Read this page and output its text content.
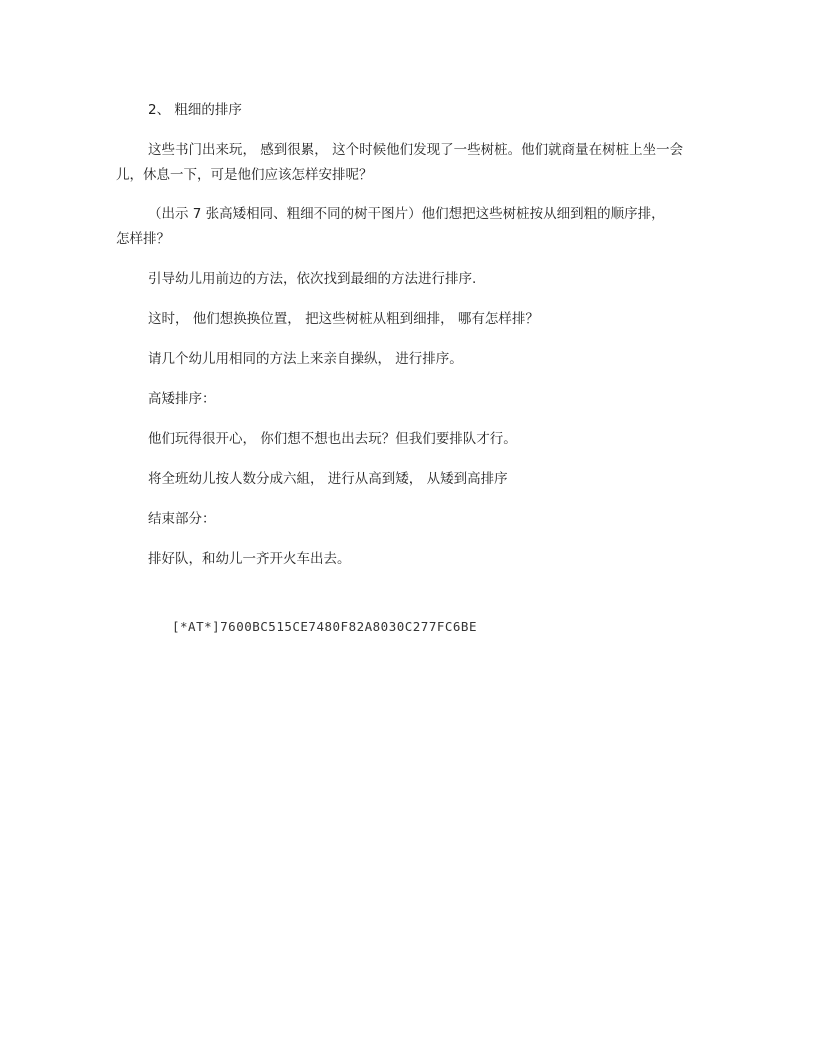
2、 粗细的排序
这些书门出来玩， 感到很累， 这个时候他们发现了一些树桩。他们就商量在树桩上坐一会
儿，休息一下，可是他们应该怎样安排呢？
（出示 7 张高矮相同、粗细不同的树干图片）他们想把这些树桩按从细到粗的顺序排，
怎样排？
引导幼儿用前边的方法，依次找到最细的方法进行排序.
这时， 他们想换换位置， 把这些树桩从粗到细排， 哪有怎样排？
请几个幼儿用相同的方法上来亲自操纵， 进行排序。
高矮排序：
他们玩得很开心， 你们想不想也出去玩？但我们要排队才行。
将全班幼儿按人数分成六組， 进行从高到矮， 从矮到高排序
结束部分：
排好队，和幼儿一齐开火车出去。
[*AT*]7600BC515CE7480F82A8030C277FC6BE
